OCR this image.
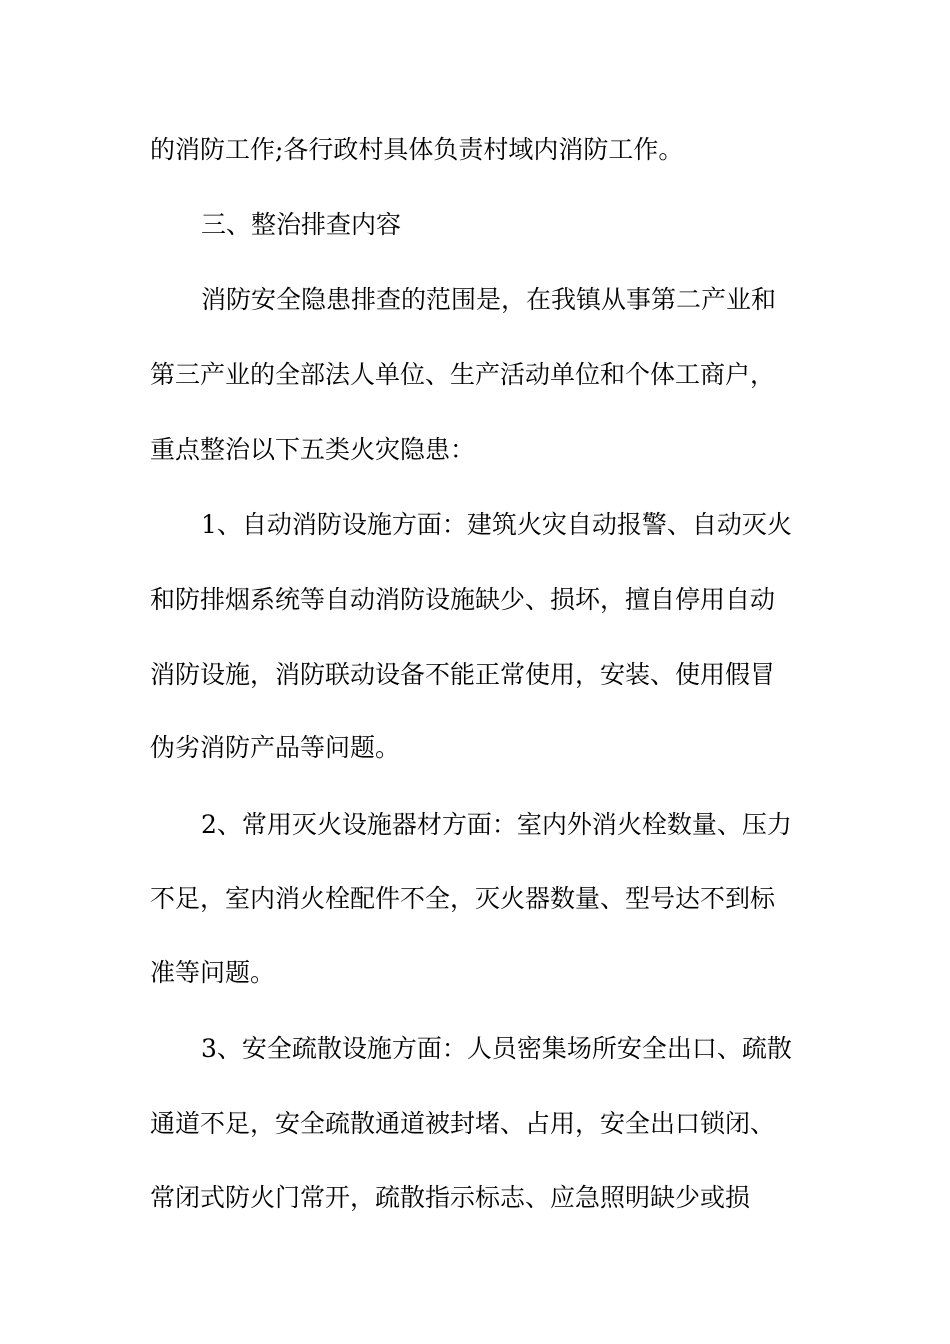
的消防工作;各行政村具体负责村域内消防工作。
三、整治排查内容
消防安全隐患排查的范围是，在我镇从事第二产业和
第三产业的全部法人单位、生产活动单位和个体工商户，
重点整治以下五类火灾隐患：
1、自动消防设施方面：建筑火灾自动报警、自动灭火
和防排烟系统等自动消防设施缺少、损坏，擅自停用自动
消防设施，消防联动设备不能正常使用，安装、使用假冒
伪劣消防产品等问题。
2、常用灭火设施器材方面：室内外消火栓数量、压力
不足，室内消火栓配件不全，灭火器数量、型号达不到标
准等问题。
3、安全疏散设施方面：人员密集场所安全出口、疏散
通道不足，安全疏散通道被封堵、占用，安全出口锁闭、
常闭式防火门常开，疏散指示标志、应急照明缺少或损
